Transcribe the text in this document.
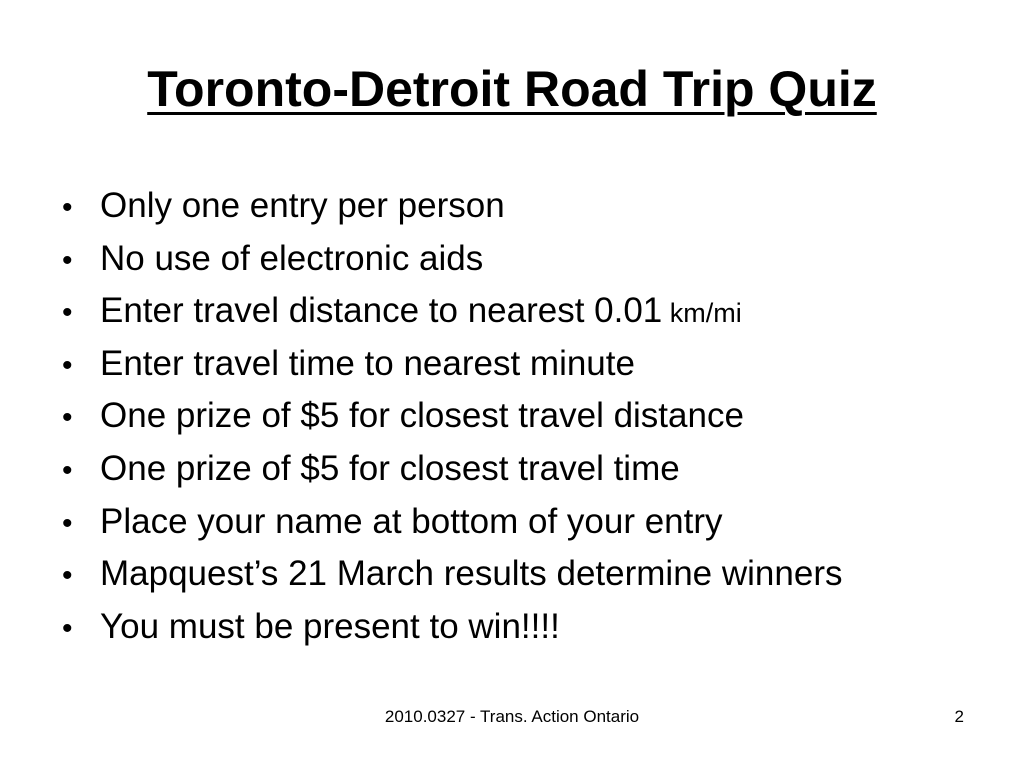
Toronto-Detroit Road Trip Quiz
• Only one entry per person
• No use of electronic aids
• Enter travel distance to nearest 0.01 km/mi
• Enter travel time to nearest minute
• One prize of $5 for closest travel distance
• One prize of $5 for closest travel time
• Place your name at bottom of your entry
• Mapquest’s 21 March results determine winners
• You must be present to win!!!!
2010.0327 - Trans. Action Ontario	2
